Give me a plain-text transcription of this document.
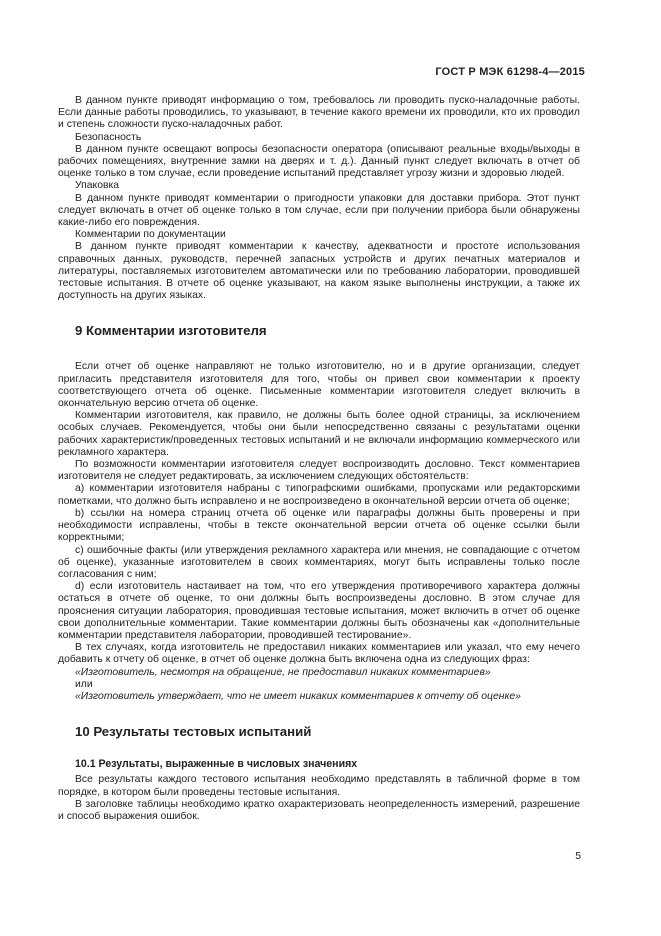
ГОСТ Р МЭК 61298-4—2015

В данном пункте приводят информацию о том, требовалось ли проводить пуско-наладочные работы. Если данные работы проводились, то указывают, в течение какого времени их проводили, кто их проводил и степень сложности пуско-наладочных работ.

Безопасность

В данном пункте освещают вопросы безопасности оператора (описывают реальные входы/выходы в рабочих помещениях, внутренние замки на дверях и т. д.). Данный пункт следует включать в отчет об оценке только в том случае, если проведение испытаний представляет угрозу жизни и здоровью людей.

Упаковка

В данном пункте приводят комментарии о пригодности упаковки для доставки прибора. Этот пункт следует включать в отчет об оценке только в том случае, если при получении прибора были обнаружены какие-либо его повреждения.

Комментарии по документации

В данном пункте приводят комментарии к качеству, адекватности и простоте использования справочных данных, руководств, перечней запасных устройств и других печатных материалов и литературы, поставляемых изготовителем автоматически или по требованию лаборатории, проводившей тестовые испытания. В отчете об оценке указывают, на каком языке выполнены инструкции, а также их доступность на других языках.

9 Комментарии изготовителя

Если отчет об оценке направляют не только изготовителю, но и в другие организации, следует пригласить представителя изготовителя для того, чтобы он привел свои комментарии к проекту соответствующего отчета об оценке. Письменные комментарии изготовителя следует включить в окончательную версию отчета об оценке.

Комментарии изготовителя, как правило, не должны быть более одной страницы, за исключением особых случаев. Рекомендуется, чтобы они были непосредственно связаны с результатами оценки рабочих характеристик/проведенных тестовых испытаний и не включали информацию коммерческого или рекламного характера.

По возможности комментарии изготовителя следует воспроизводить дословно. Текст комментариев изготовителя не следует редактировать, за исключением следующих обстоятельств:

a) комментарии изготовителя набраны с типографскими ошибками, пропусками или редакторскими пометками, что должно быть исправлено и не воспроизведено в окончательной версии отчета об оценке;

b) ссылки на номера страниц отчета об оценке или параграфы должны быть проверены и при необходимости исправлены, чтобы в тексте окончательной версии отчета об оценке ссылки были корректными;

c) ошибочные факты (или утверждения рекламного характера или мнения, не совпадающие с отчетом об оценке), указанные изготовителем в своих комментариях, могут быть исправлены только после согласования с ним;

d) если изготовитель настаивает на том, что его утверждения противоречивого характера должны остаться в отчете об оценке, то они должны быть воспроизведены дословно. В этом случае для прояснения ситуации лаборатория, проводившая тестовые испытания, может включить в отчет об оценке свои дополнительные комментарии. Такие комментарии должны быть обозначены как «дополнительные комментарии представителя лаборатории, проводившей тестирование».

В тех случаях, когда изготовитель не предоставил никаких комментариев или указал, что ему нечего добавить к отчету об оценке, в отчет об оценке должна быть включена одна из следующих фраз:

«Изготовитель, несмотря на обращение, не предоставил никаких комментариев»

или

«Изготовитель утверждает, что не имеет никаких комментариев к отчету об оценке»

10 Результаты тестовых испытаний

10.1 Результаты, выраженные в числовых значениях

Все результаты каждого тестового испытания необходимо представлять в табличной форме в том порядке, в котором были проведены тестовые испытания.

В заголовке таблицы необходимо кратко охарактеризовать неопределенность измерений, разрешение и способ выражения ошибок.

5
